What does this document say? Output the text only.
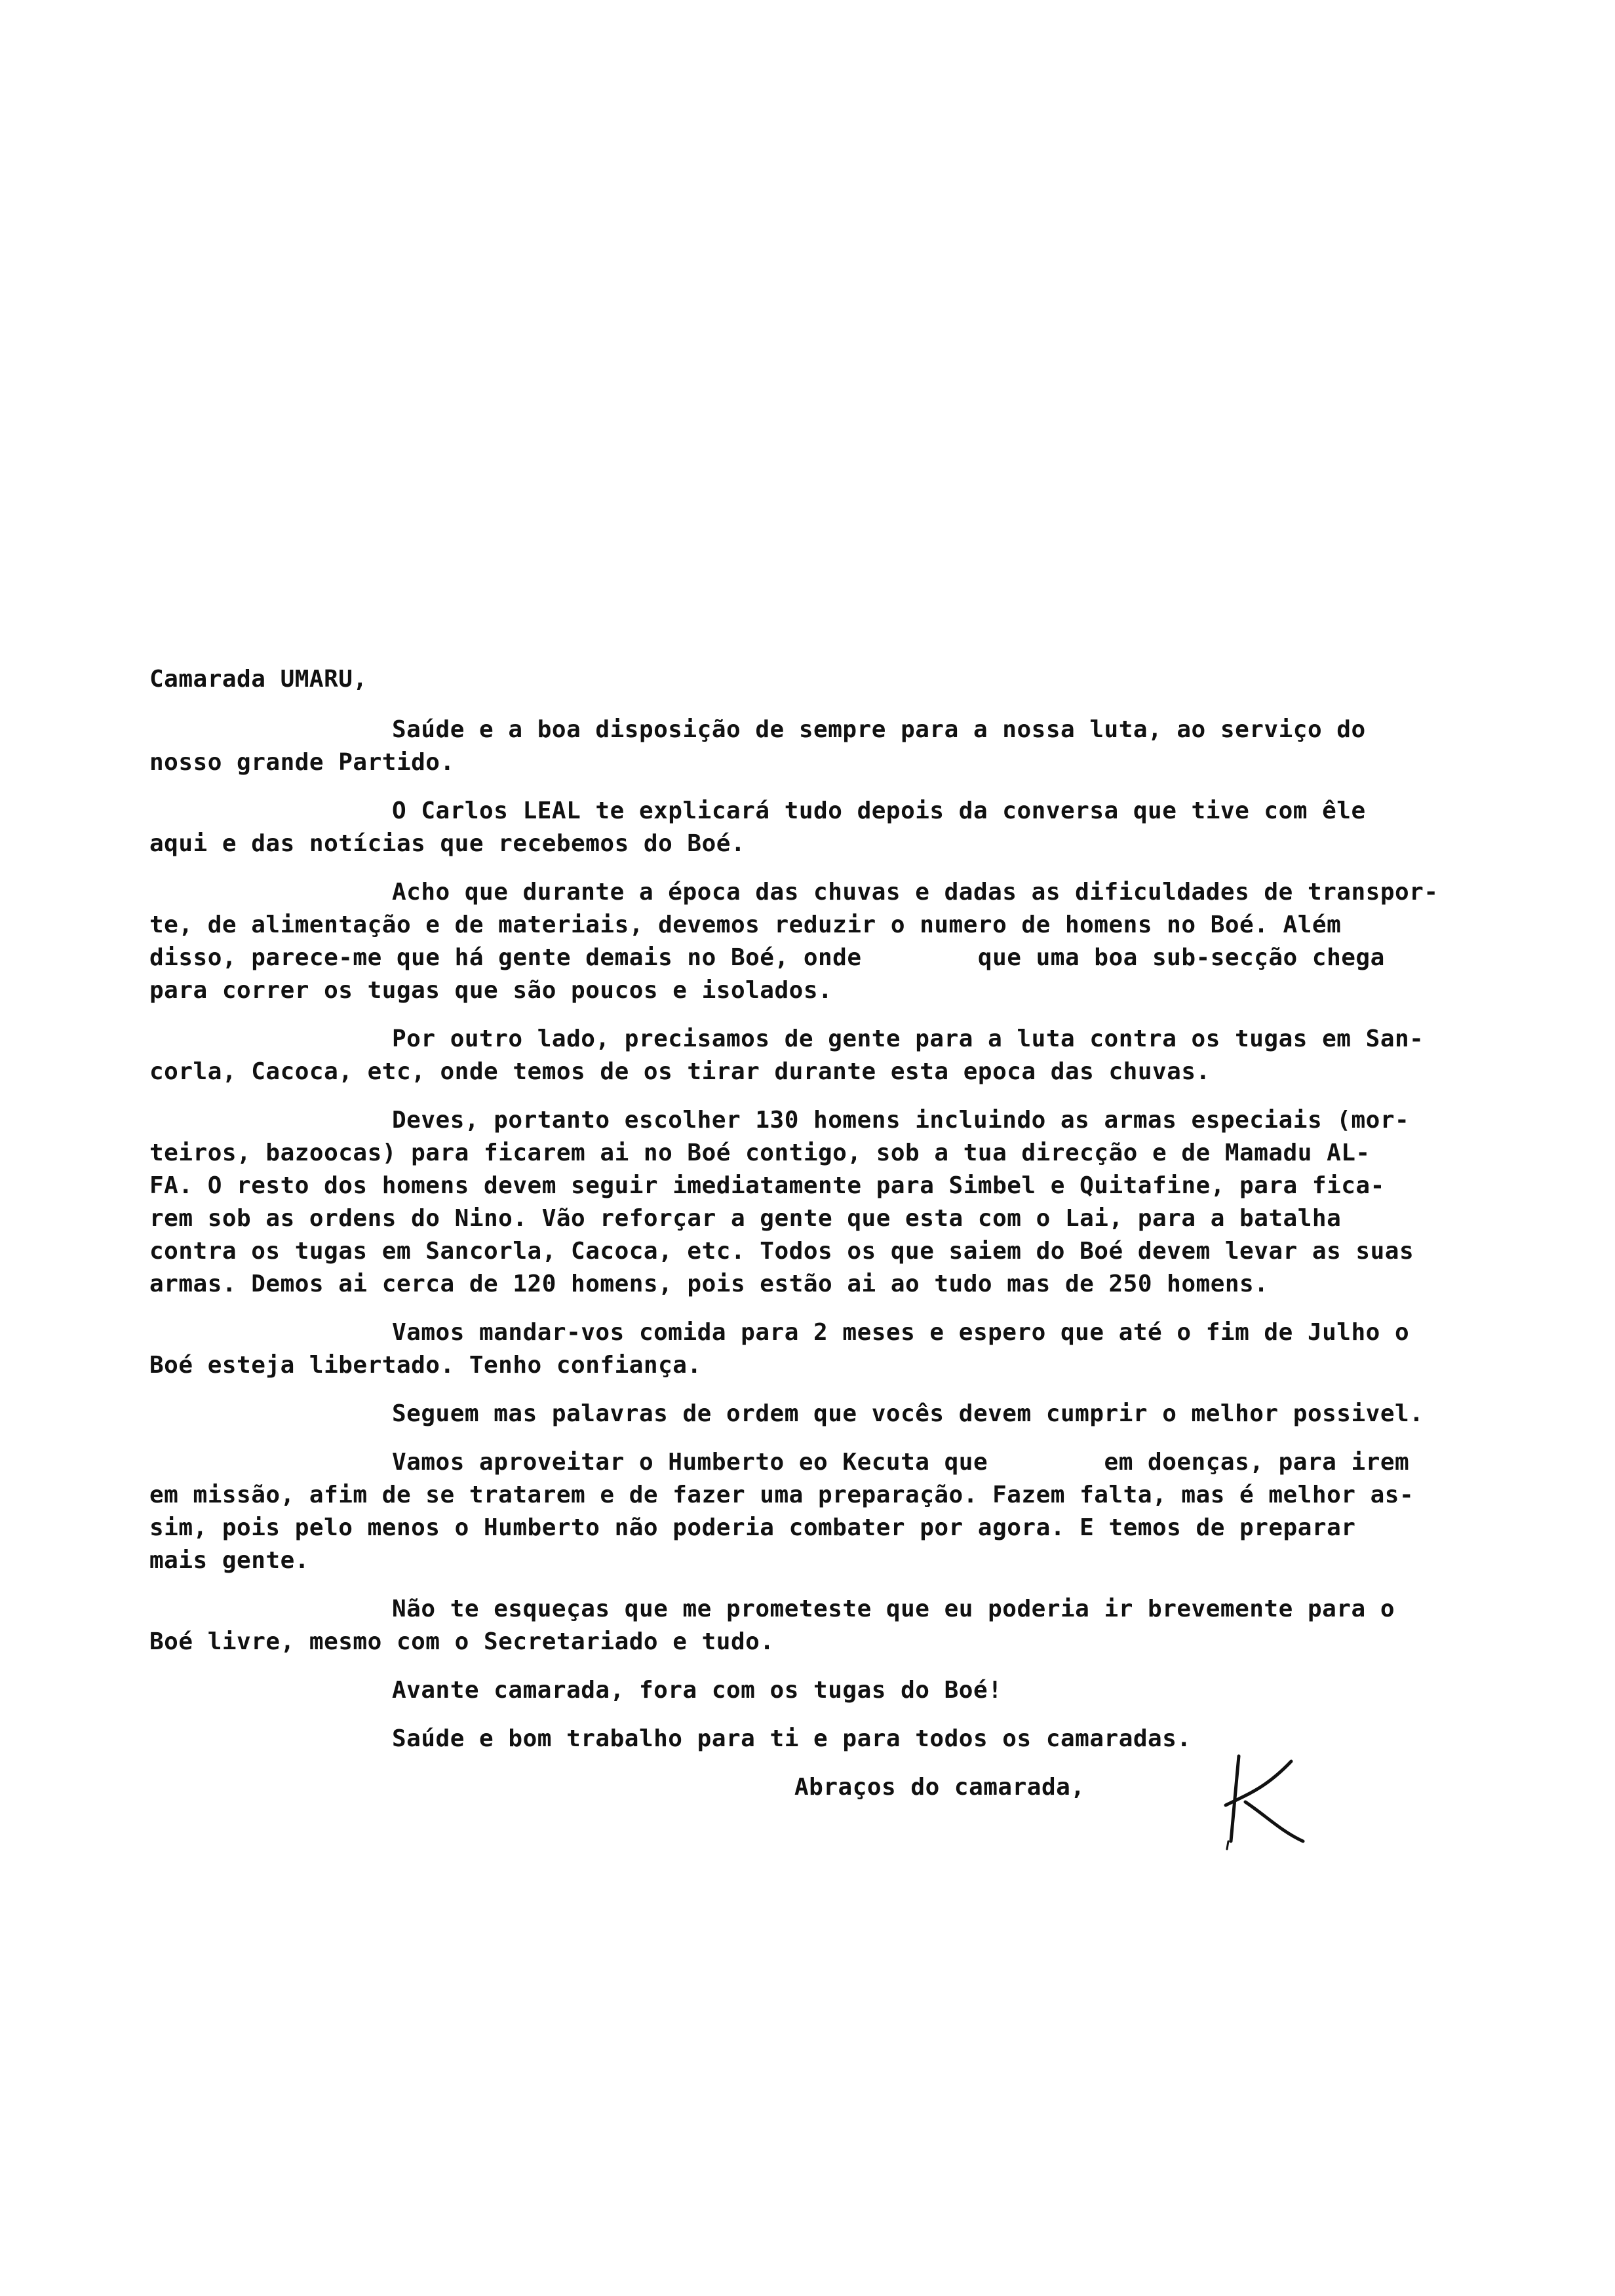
Camarada UMARU,
Saúde e a boa disposição de sempre para a nossa luta, ao serviço do
nosso grande Partido.
O Carlos LEAL te explicará tudo depois da conversa que tive com êle
aqui e das notícias que recebemos do Boé.
Acho que durante a época das chuvas e dadas as dificuldades de transpor-
te, de alimentação e de materiais, devemos reduzir o numero de homens no Boé. Além
disso, parece-me que há gente demais no Boé, onde        que uma boa sub-secção chega
para correr os tugas que são poucos e isolados.
Por outro lado, precisamos de gente para a luta contra os tugas em San-
corla, Cacoca, etc, onde temos de os tirar durante esta epoca das chuvas.
Deves, portanto escolher 130 homens incluindo as armas especiais (mor-
teiros, bazoocas) para ficarem ai no Boé contigo, sob a tua direcção e de Mamadu AL-
FA. O resto dos homens devem seguir imediatamente para Simbel e Quitafine, para fica-
rem sob as ordens do Nino. Vão reforçar a gente que esta com o Lai, para a batalha
contra os tugas em Sancorla, Cacoca, etc. Todos os que saiem do Boé devem levar as suas
armas. Demos ai cerca de 120 homens, pois estão ai ao tudo mas de 250 homens.
Vamos mandar-vos comida para 2 meses e espero que até o fim de Julho o
Boé esteja libertado. Tenho confiança.
Seguem mas palavras de ordem que vocês devem cumprir o melhor possivel.
Vamos aproveitar o Humberto eo Kecuta que        em doenças, para irem
em missão, afim de se tratarem e de fazer uma preparação. Fazem falta, mas é melhor as-
sim, pois pelo menos o Humberto não poderia combater por agora. E temos de preparar
mais gente.
Não te esqueças que me prometeste que eu poderia ir brevemente para o
Boé livre, mesmo com o Secretariado e tudo.
Avante camarada, fora com os tugas do Boé!
Saúde e bom trabalho para ti e para todos os camaradas.
Abraços do camarada,
